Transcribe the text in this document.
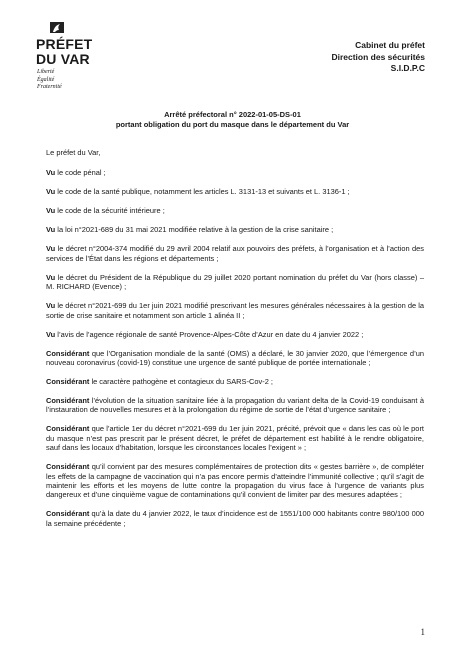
PRÉFET
DU VAR
Liberté
Égalité
Fraternité
Cabinet du préfet
Direction des sécurités
S.I.D.P.C
Arrêté préfectoral n° 2022-01-05-DS-01
portant obligation du port du masque dans le département du Var

Le préfet du Var,

Vu le code pénal ;

Vu le code de la santé publique, notamment les articles L. 3131-13 et suivants et L. 3136-1 ;

Vu le code de la sécurité intérieure ;

Vu la loi n°2021-689 du 31 mai 2021 modifiée relative à la gestion de la crise sanitaire ;

Vu le décret n°2004-374 modifié du 29 avril 2004 relatif aux pouvoirs des préfets, à l’organisation et à l’action des services de l’État dans les régions et départements ;

Vu le décret du Président de la République du 29 juillet 2020 portant nomination du préfet du Var (hors classe) – M. RICHARD (Evence) ;

Vu le décret n°2021-699 du 1er juin 2021 modifié prescrivant les mesures générales nécessaires à la gestion de la sortie de crise sanitaire et notamment son article 1 alinéa II ;

Vu l’avis de l’agence régionale de santé Provence-Alpes-Côte d’Azur en date du 4 janvier 2022 ;

Considérant que l’Organisation mondiale de la santé (OMS) a déclaré, le 30 janvier 2020, que l’émergence d’un nouveau coronavirus (covid-19) constitue une urgence de santé publique de portée internationale ;

Considérant le caractère pathogène et contagieux du SARS-Cov-2 ;

Considérant l’évolution de la situation sanitaire liée à la propagation du variant delta de la Covid-19 conduisant à l’instauration de nouvelles mesures et à la prolongation du régime de sortie de l’état d’urgence sanitaire ;

Considérant que l’article 1er du décret n°2021-699 du 1er juin 2021, précité, prévoit que « dans les cas où le port du masque n’est pas prescrit par le présent décret, le préfet de département est habilité à le rendre obligatoire, sauf dans les locaux d’habitation, lorsque les circonstances locales l’exigent » ;

Considérant qu’il convient par des mesures complémentaires de protection dits « gestes barrière », de compléter les effets de la campagne de vaccination qui n’a pas encore permis d’atteindre l’immunité collective ; qu’il s’agit de maintenir les efforts et les moyens de lutte contre la propagation du virus face à l’urgence de variants plus dangereux et d’une cinquième vague de contaminations qu’il convient de limiter par des mesures adaptées ;

Considérant qu’à la date du 4 janvier 2022, le taux d’incidence est de 1551/100 000 habitants contre 980/100 000 la semaine précédente ;

1
